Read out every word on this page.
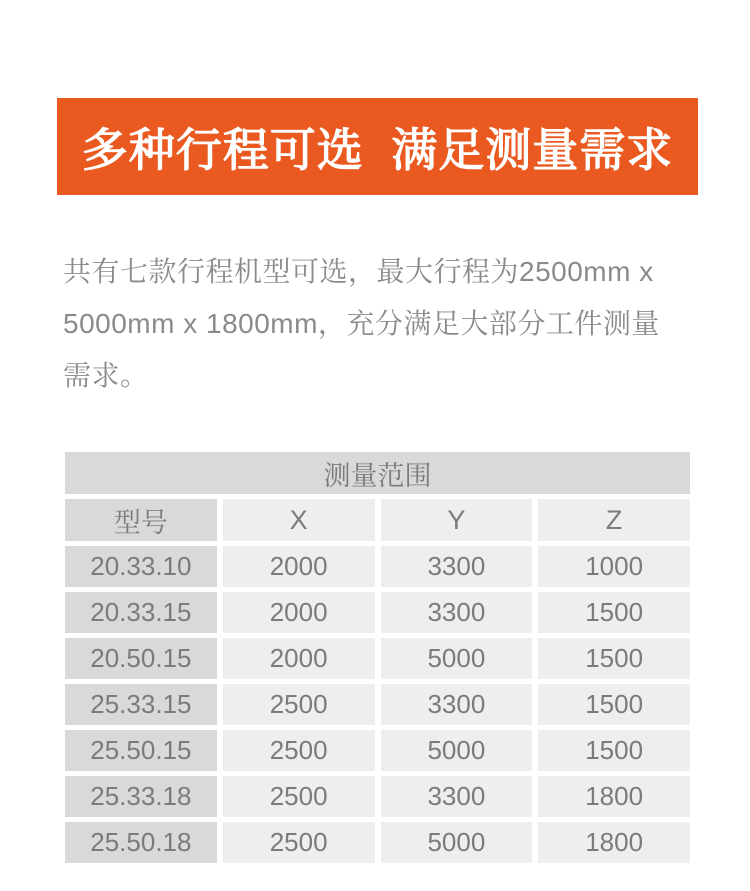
多种行程可选  满足测量需求
共有七款行程机型可选，最大行程为2500mm x
5000mm x 1800mm，充分满足大部分工件测量
需求。
测量范围
型号	X	Y	Z
20.33.10	2000	3300	1000
20.33.15	2000	3300	1500
20.50.15	2000	5000	1500
25.33.15	2500	3300	1500
25.50.15	2500	5000	1500
25.33.18	2500	3300	1800
25.50.18	2500	5000	1800
